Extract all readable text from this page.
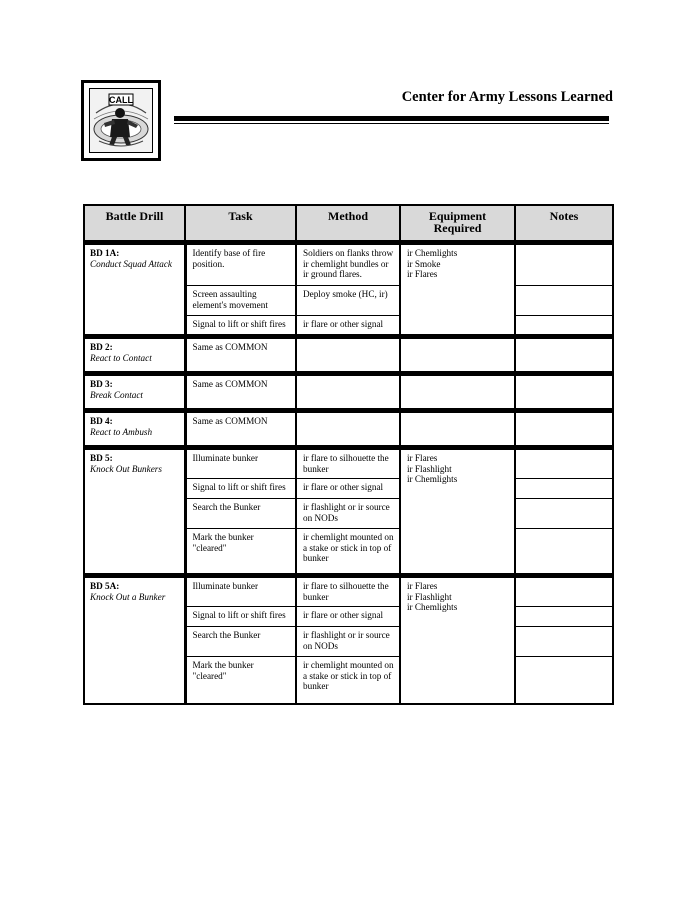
CALL	Center for Army Lessons Learned
Battle Drill	Task	Method	Equipment Required	Notes

BD 1A:
Conduct Squad Attack	Identify base of fire position.	Soldiers on flanks throw ir chemlight bundles or ir ground flares.	ir Chemlights
ir Smoke
ir Flares	

	Screen assaulting element's movement	Deploy smoke (HC, ir)		
	Signal to lift or shift fires	ir flare or other signal		

BD 2:
React to Contact	Same as COMMON			

BD 3:
Break Contact	Same as COMMON			

BD 4:
React to Ambush	Same as COMMON			

BD 5:
Knock Out Bunkers	Illuminate bunker	ir flare to silhouette the bunker	ir Flares
ir Flashlight
ir Chemlights	

	Signal to lift or shift fires	ir flare or other signal		
	Search the Bunker	ir flashlight or ir source on NODs		
	Mark the bunker "cleared"	ir chemlight mounted on a stake or stick in top of bunker		

BD 5A:
Knock Out a Bunker	Illuminate bunker	ir flare to silhouette the bunker	ir Flares
ir Flashlight
ir Chemlights	

	Signal to lift or shift fires	ir flare or other signal		
	Search the Bunker	ir flashlight or ir source on NODs		
	Mark the bunker "cleared"	ir chemlight mounted on a stake or stick in top of bunker		
